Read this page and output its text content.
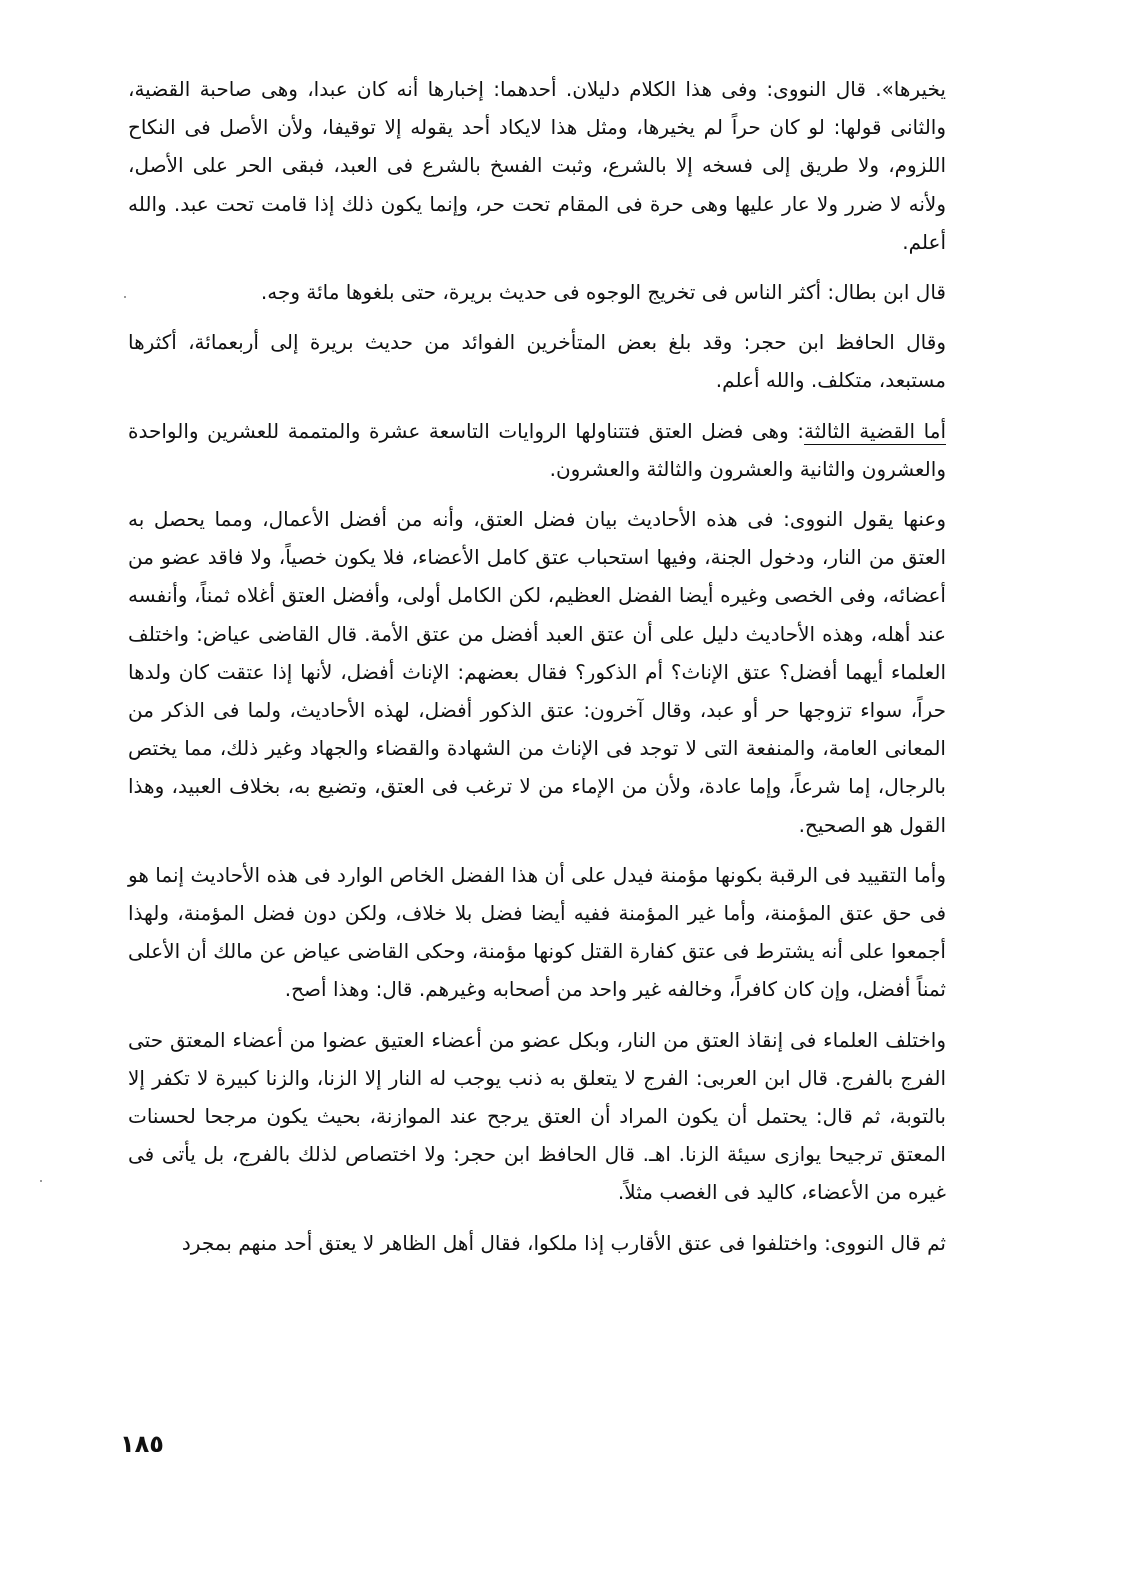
يخيرها». قال النووى: وفى هذا الكلام دليلان. أحدهما: إخبارها أنه كان عبدا، وهى صاحبة القضية، والثانى قولها: لو كان حراً لم يخيرها، ومثل هذا لايكاد أحد يقوله إلا توقيفا، ولأن الأصل فى النكاح اللزوم، ولا طريق إلى فسخه إلا بالشرع، وثبت الفسخ بالشرع فى العبد، فبقى الحر على الأصل، ولأنه لا ضرر ولا عار عليها وهى حرة فى المقام تحت حر، وإنما يكون ذلك إذا قامت تحت عبد. والله أعلم.

قال ابن بطال: أكثر الناس فى تخريج الوجوه فى حديث بريرة، حتى بلغوها مائة وجه.

وقال الحافظ ابن حجر: وقد بلغ بعض المتأخرين الفوائد من حديث بريرة إلى أربعمائة، أكثرها مستبعد، متكلف. والله أعلم.

أما القضية الثالثة: وهى فضل العتق فتتناولها الروايات التاسعة عشرة والمتممة للعشرين والواحدة والعشرون والثانية والعشرون والثالثة والعشرون.

وعنها يقول النووى: فى هذه الأحاديث بيان فضل العتق، وأنه من أفضل الأعمال، ومما يحصل به العتق من النار، ودخول الجنة، وفيها استحباب عتق كامل الأعضاء، فلا يكون خصياً، ولا فاقد عضو من أعضائه، وفى الخصى وغيره أيضا الفضل العظيم، لكن الكامل أولى، وأفضل العتق أغلاه ثمناً، وأنفسه عند أهله، وهذه الأحاديث دليل على أن عتق العبد أفضل من عتق الأمة. قال القاضى عياض: واختلف العلماء أيهما أفضل؟ عتق الإناث؟ أم الذكور؟ فقال بعضهم: الإناث أفضل، لأنها إذا عتقت كان ولدها حراً، سواء تزوجها حر أو عبد، وقال آخرون: عتق الذكور أفضل، لهذه الأحاديث، ولما فى الذكر من المعانى العامة، والمنفعة التى لا توجد فى الإناث من الشهادة والقضاء والجهاد وغير ذلك، مما يختص بالرجال، إما شرعاً، وإما عادة، ولأن من الإماء من لا ترغب فى العتق، وتضيع به، بخلاف العبيد، وهذا القول هو الصحيح.

وأما التقييد فى الرقبة بكونها مؤمنة فيدل على أن هذا الفضل الخاص الوارد فى هذه الأحاديث إنما هو فى حق عتق المؤمنة، وأما غير المؤمنة ففيه أيضا فضل بلا خلاف، ولكن دون فضل المؤمنة، ولهذا أجمعوا على أنه يشترط فى عتق كفارة القتل كونها مؤمنة، وحكى القاضى عياض عن مالك أن الأعلى ثمناً أفضل، وإن كان كافراً، وخالفه غير واحد من أصحابه وغيرهم. قال: وهذا أصح.

واختلف العلماء فى إنقاذ العتق من النار، وبكل عضو من أعضاء العتيق عضوا من أعضاء المعتق حتى الفرج بالفرج. قال ابن العربى: الفرج لا يتعلق به ذنب يوجب له النار إلا الزنا، والزنا كبيرة لا تكفر إلا بالتوبة، ثم قال: يحتمل أن يكون المراد أن العتق يرجح عند الموازنة، بحيث يكون مرجحا لحسنات المعتق ترجيحا يوازى سيئة الزنا. اهـ. قال الحافظ ابن حجر: ولا اختصاص لذلك بالفرج، بل يأتى فى غيره من الأعضاء، كاليد فى الغصب مثلاً.

ثم قال النووى: واختلفوا فى عتق الأقارب إذا ملكوا، فقال أهل الظاهر لا يعتق أحد منهم بمجرد

١٨٥
